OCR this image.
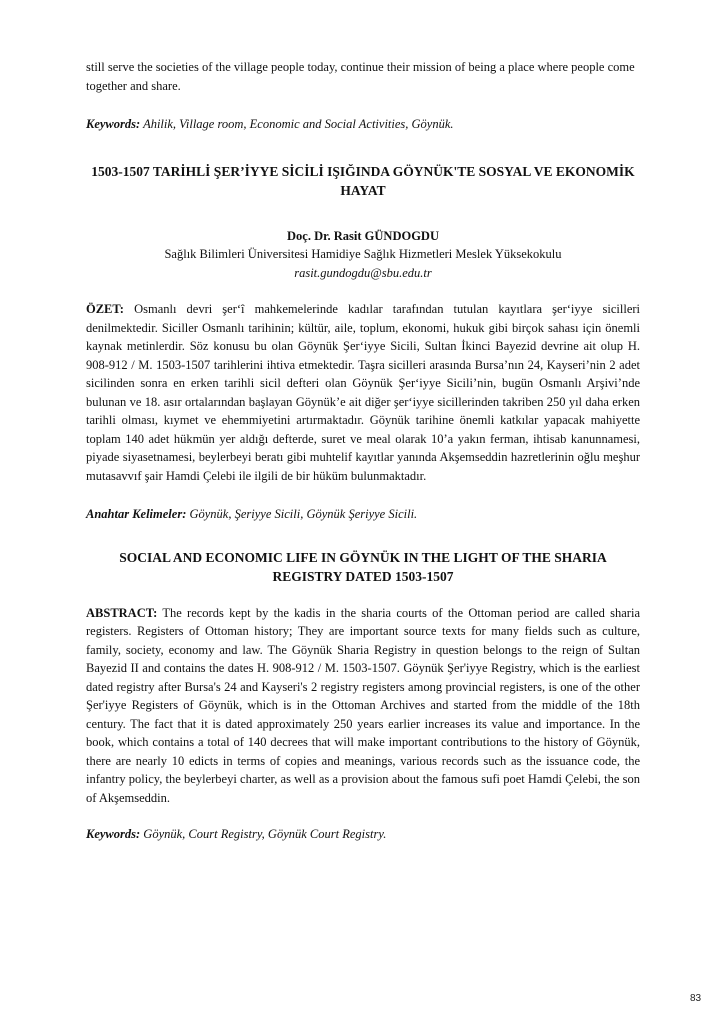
still serve the societies of the village people today, continue their mission of being a place where people come together and share.

Keywords: Ahilik, Village room, Economic and Social Activities, Göynük.

1503-1507 TARİHLİ ŞER’İYYE SİCİLİ IŞIĞINDA GÖYNÜK'TE SOSYAL VE EKONOMİK HAYAT
Doç. Dr. Rasit GÜNDOGDU
Sağlık Bilimleri Üniversitesi Hamidiye Sağlık Hizmetleri Meslek Yüksekokulu
rasit.gundogdu@sbu.edu.tr

ÖZET: Osmanlı devri şer‘î mahkemelerinde kadılar tarafından tutulan kayıtlara şer‘iyye sicilleri denilmektedir. Siciller Osmanlı tarihinin; kültür, aile, toplum, ekonomi, hukuk gibi birçok sahası için önemli kaynak metinlerdir. Söz konusu bu olan Göynük Şer‘iyye Sicili, Sultan İkinci Bayezid devrine ait olup H. 908-912 / M. 1503-1507 tarihlerini ihtiva etmektedir. Taşra sicilleri arasında Bursa’nın 24, Kayseri’nin 2 adet sicilinden sonra en erken tarihli sicil defteri olan Göynük Şer‘iyye Sicili’nin, bugün Osmanlı Arşivi’nde bulunan ve 18. asır ortalarından başlayan Göynük’e ait diğer şer‘iyye sicillerinden takriben 250 yıl daha erken tarihli olması, kıymet ve ehemmiyetini artırmaktadır. Göynük tarihine önemli katkılar yapacak mahiyette toplam 140 adet hükmün yer aldığı defterde, suret ve meal olarak 10’a yakın ferman, ihtisab kanunnamesi, piyade siyasetnamesi, beylerbeyi beratı gibi muhtelif kayıtlar yanında Akşemseddin hazretlerinin oğlu meşhur mutasavvıf şair Hamdi Çelebi ile ilgili de bir hüküm bulunmaktadır.

Anahtar Kelimeler: Göynük, Şeriyye Sicili, Göynük Şeriyye Sicili.

SOCIAL AND ECONOMIC LIFE IN GÖYNÜK IN THE LIGHT OF THE SHARIA REGISTRY DATED 1503-1507

ABSTRACT: The records kept by the kadis in the sharia courts of the Ottoman period are called sharia registers. Registers of Ottoman history; They are important source texts for many fields such as culture, family, society, economy and law. The Göynük Sharia Registry in question belongs to the reign of Sultan Bayezid II and contains the dates H. 908-912 / M. 1503-1507. Göynük Şer'iyye Registry, which is the earliest dated registry after Bursa's 24 and Kayseri's 2 registry registers among provincial registers, is one of the other Şer'iyye Registers of Göynük, which is in the Ottoman Archives and started from the middle of the 18th century. The fact that it is dated approximately 250 years earlier increases its value and importance. In the book, which contains a total of 140 decrees that will make important contributions to the history of Göynük, there are nearly 10 edicts in terms of copies and meanings, various records such as the issuance code, the infantry policy, the beylerbeyi charter, as well as a provision about the famous sufi poet Hamdi Çelebi, the son of Akşemseddin.

Keywords: Göynük, Court Registry, Göynük Court Registry.

83
